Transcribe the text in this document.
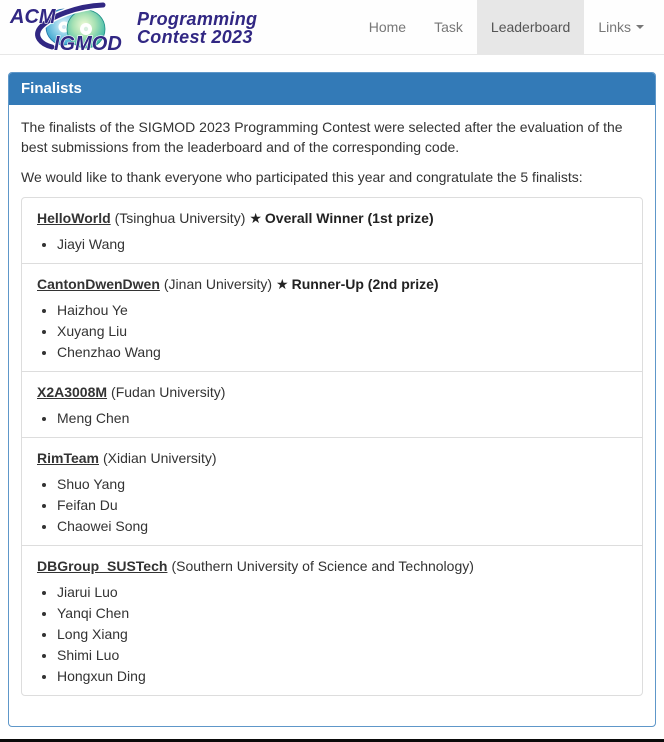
ACM
IGMOD
Programming
Contest 2023	Home	Task	Leaderboard	Links
Finalists

The finalists of the SIGMOD 2023 Programming Contest were selected after the evaluation of the best submissions from the leaderboard and of the corresponding code.

We would like to thank everyone who participated this year and congratulate the 5 finalists:

HelloWorld (Tsinghua University) ★ Overall Winner (1st prize)
• Jiayi Wang
CantonDwenDwen (Jinan University) ★ Runner-Up (2nd prize)
• Haizhou Ye
• Xuyang Liu
• Chenzhao Wang
X2A3008M (Fudan University)
• Meng Chen
RimTeam (Xidian University)
• Shuo Yang
• Feifan Du
• Chaowei Song
DBGroup_SUSTech (Southern University of Science and Technology)
• Jiarui Luo
• Yanqi Chen
• Long Xiang
• Shimi Luo
• Hongxun Ding
